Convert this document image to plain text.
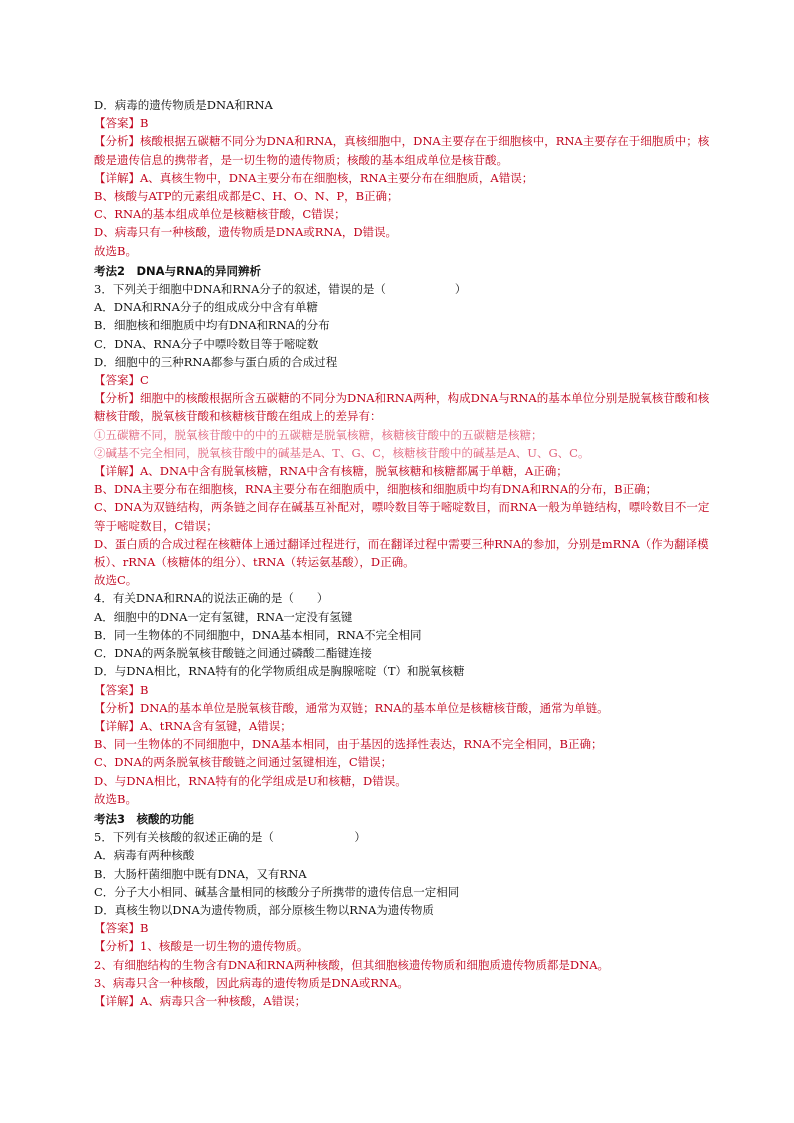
D．病毒的遗传物质是DNA和RNA
【答案】B
【分析】核酸根据五碳糖不同分为DNA和RNA，真核细胞中，DNA主要存在于细胞核中，RNA主要存在于细胞质中；核酸是遗传信息的携带者，是一切生物的遗传物质；核酸的基本组成单位是核苷酸。
【详解】A、真核生物中，DNA主要分布在细胞核，RNA主要分布在细胞质，A错误；
B、核酸与ATP的元素组成都是C、H、O、N、P，B正确；
C、RNA的基本组成单位是核糖核苷酸，C错误；
D、病毒只有一种核酸，遗传物质是DNA或RNA，D错误。
故选B。
考法2　DNA与RNA的异同辨析
3．下列关于细胞中DNA和RNA分子的叙述，错误的是（　　　　　　）
A．DNA和RNA分子的组成成分中含有单糖
B．细胞核和细胞质中均有DNA和RNA的分布
C．DNA、RNA分子中嘌呤数目等于嘧啶数
D．细胞中的三种RNA都参与蛋白质的合成过程
【答案】C
【分析】细胞中的核酸根据所含五碳糖的不同分为DNA和RNA两种，构成DNA与RNA的基本单位分别是脱氧核苷酸和核糖核苷酸，脱氧核苷酸和核糖核苷酸在组成上的差异有：
①五碳糖不同，脱氧核苷酸中的中的五碳糖是脱氧核糖，核糖核苷酸中的五碳糖是核糖；
②碱基不完全相同，脱氧核苷酸中的碱基是A、T、G、C，核糖核苷酸中的碱基是A、U、G、C。
【详解】A、DNA中含有脱氧核糖，RNA中含有核糖，脱氧核糖和核糖都属于单糖，A正确；
B、DNA主要分布在细胞核，RNA主要分布在细胞质中，细胞核和细胞质中均有DNA和RNA的分布，B正确；
C、DNA为双链结构，两条链之间存在碱基互补配对，嘌呤数目等于嘧啶数目，而RNA一般为单链结构，嘌呤数目不一定等于嘧啶数目，C错误；
D、蛋白质的合成过程在核糖体上通过翻译过程进行，而在翻译过程中需要三种RNA的参加，分别是mRNA（作为翻译模板）、rRNA（核糖体的组分）、tRNA（转运氨基酸），D正确。
故选C。
4．有关DNA和RNA的说法正确的是（　　）
A．细胞中的DNA一定有氢键，RNA一定没有氢键
B．同一生物体的不同细胞中，DNA基本相同，RNA不完全相同
C．DNA的两条脱氧核苷酸链之间通过磷酸二酯键连接
D．与DNA相比，RNA特有的化学物质组成是胸腺嘧啶（T）和脱氧核糖
【答案】B
【分析】DNA的基本单位是脱氧核苷酸，通常为双链；RNA的基本单位是核糖核苷酸，通常为单链。
【详解】A、tRNA含有氢键，A错误；
B、同一生物体的不同细胞中，DNA基本相同，由于基因的选择性表达，RNA不完全相同，B正确；
C、DNA的两条脱氧核苷酸链之间通过氢键相连，C错误；
D、与DNA相比，RNA特有的化学组成是U和核糖，D错误。
故选B。
考法3　核酸的功能
5．下列有关核酸的叙述正确的是（　　　　　　　）
A．病毒有两种核酸
B．大肠杆菌细胞中既有DNA，又有RNA
C．分子大小相同、碱基含量相同的核酸分子所携带的遗传信息一定相同
D．真核生物以DNA为遗传物质，部分原核生物以RNA为遗传物质
【答案】B
【分析】1、核酸是一切生物的遗传物质。
2、有细胞结构的生物含有DNA和RNA两种核酸，但其细胞核遗传物质和细胞质遗传物质都是DNA。
3、病毒只含一种核酸，因此病毒的遗传物质是DNA或RNA。
【详解】A、病毒只含一种核酸，A错误；
